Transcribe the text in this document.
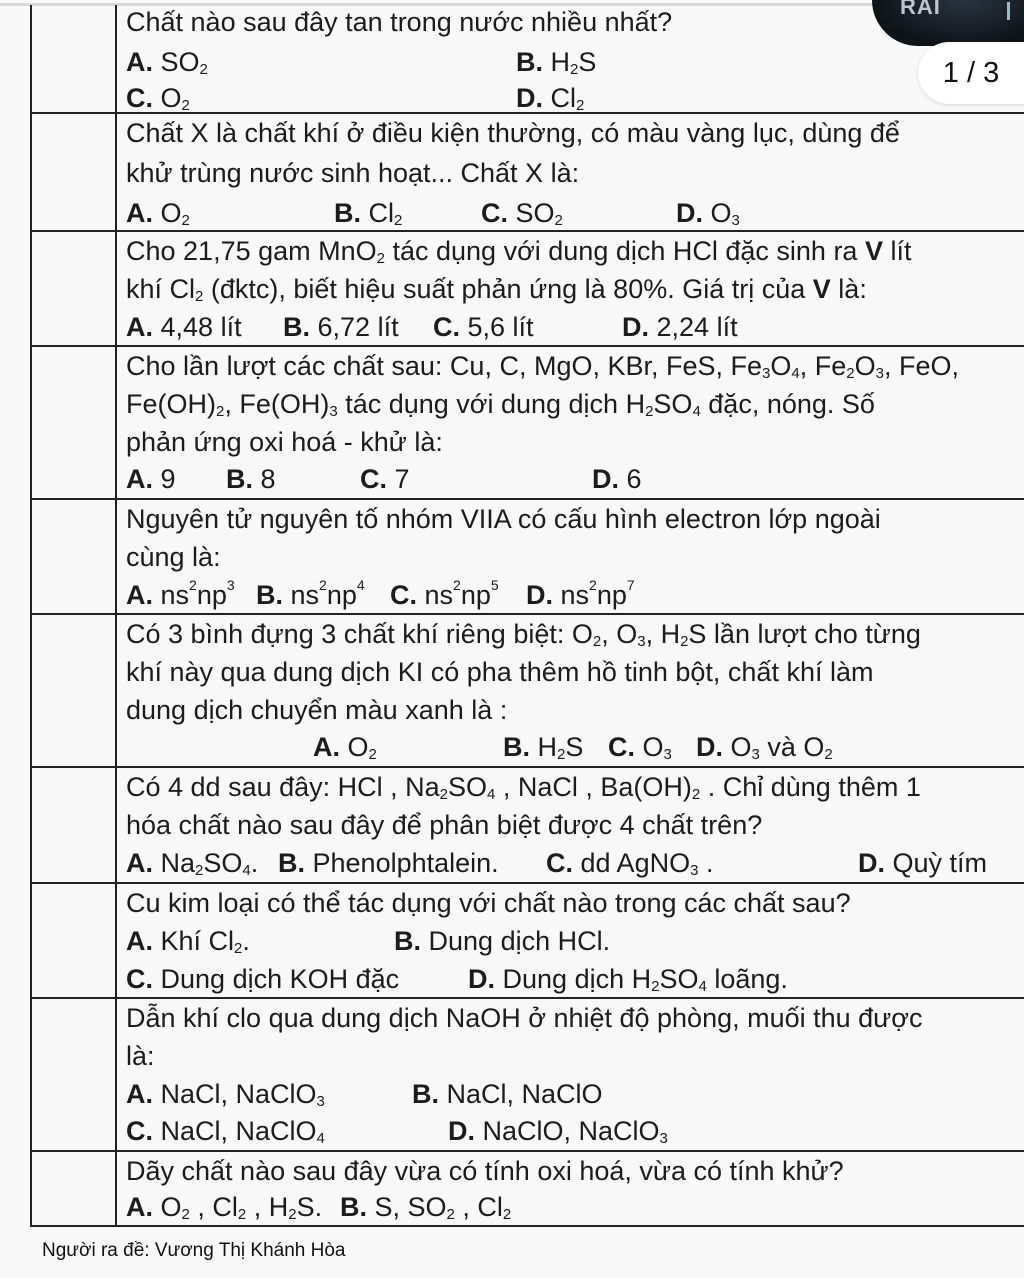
Chất nào sau đây tan trong nước nhiều nhất?
A. $SO_2$	B. $H_2S$
C. $O_2$	D. $Cl_2$
Chất X là chất khí ở điều kiện thường, có màu vàng lục, dùng để
khử trùng nước sinh hoạt... Chất X là:
A. $O_2$	B. $Cl_2$	C. $SO_2$	D. $O_3$
Cho 21,75 gam MnO$_2$ tác dụng với dung dịch HCl đặc sinh ra V lít
khí $Cl_2$ (đktc), biết hiệu suất phản ứng là 80%. Giá trị của V là:
A. 4,48 lít B. 6,72 lít C. 5,6 lít	D. 2,24 lít
Cho lần lượt các chất sau: Cu, C, MgO, KBr, FeS, $Fe_3O_4$, $Fe_2O_3$, FeO,
$Fe(OH)_2$, $Fe(OH)_3$ tác dụng với dung dịch $H_2SO_4$ đặc, nóng. Số
phản ứng oxi hoá - khử là:
A. 9 B. 8	C. 7	D. 6
Nguyên tử nguyên tố nhóm VIIA có cấu hình electron lớp ngoài
cùng là:
A. $ns^2np^3$ B. $ns^2np^4$ C. $ns^2np^5$ D. $ns^2np^7$
Có 3 bình đựng 3 chất khí riêng biệt: $O_2$, $O_3$, $H_2S$ lần lượt cho từng
khí này qua dung dịch KI có pha thêm hồ tinh bột, chất khí làm
dung dịch chuyển màu xanh là :
A. $O_2$	B. $H_2S$ C. $O_3$ D. $O_3$ và $O_2$
Có 4 dd sau đây: HCl , $Na_2SO_4$ , NaCl , $Ba(OH)_2$ . Chỉ dùng thêm 1
hóa chất nào sau đây để phân biệt được 4 chất trên?
A. $Na_2SO_4$. B. Phenolphtalein. C. dd AgNO$_3$ .	D. Quỳ tím
Cu kim loại có thể tác dụng với chất nào trong các chất sau?
A. Khí $Cl_2$.	B. Dung dịch HCl.
C. Dung dịch KOH đặc	D. Dung dịch $H_2SO_4$ loãng.
Dẫn khí clo qua dung dịch NaOH ở nhiệt độ phòng, muối thu được
là:
A. NaCl, NaClO$_3$	B. NaCl, NaClO
C. NaCl, NaClO$_4$	D. NaClO, NaClO$_3$
Dãy chất nào sau đây vừa có tính oxi hoá, vừa có tính khử?
A. $O_2$ , $Cl_2$ , $H_2S$. B. S, $SO_2$ , $Cl_2$
Người ra đề: Vương Thị Khánh Hòa
RAI
1 / 3
